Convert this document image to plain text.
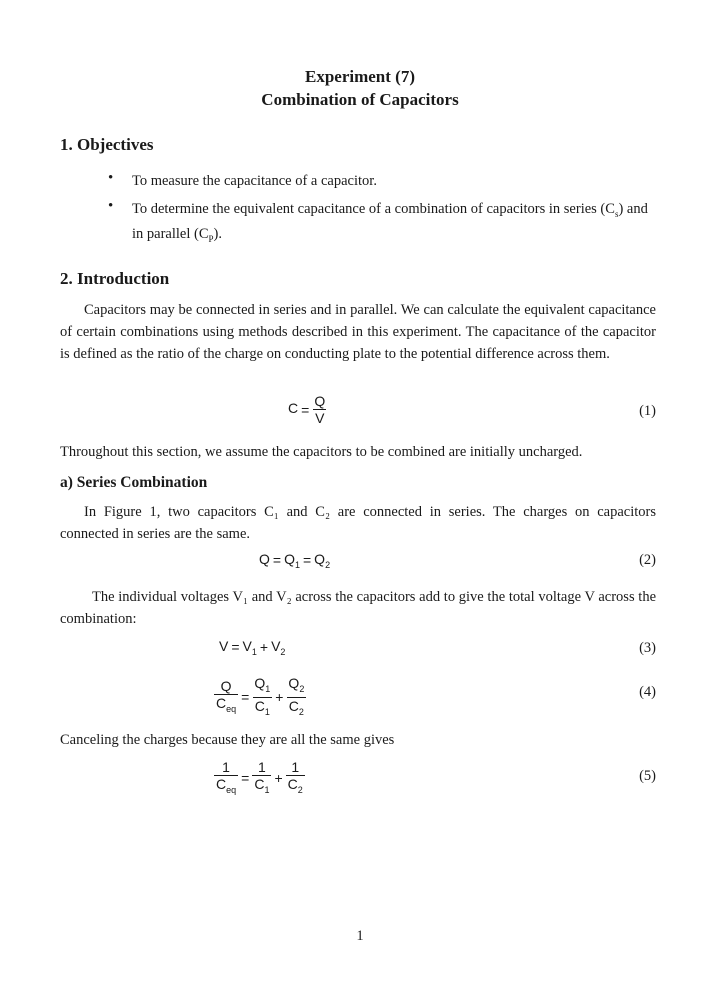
Experiment (7)
Combination of Capacitors
1. Objectives
• To measure the capacitance of a capacitor.
• To determine the equivalent capacitance of a combination of capacitors in series $(C_s)$ and in parallel $(C_P)$.
2. Introduction
Capacitors may be connected in series and in parallel. We can calculate the equivalent capacitance of certain combinations using methods described in this experiment. The capacitance of the capacitor is defined as the ratio of the charge on conducting plate to the potential difference across them.
$C = \frac{Q}{V}$	(1)
Throughout this section, we assume the capacitors to be combined are initially uncharged.
a) Series Combination
In Figure 1, two capacitors C₁ and C₂ are connected in series. The charges on capacitors connected in series are the same.
$Q = Q_1 = Q_2$	(2)
The individual voltages V₁ and V₂ across the capacitors add to give the total voltage V across the combination:
$V = V_1 + V_2$	(3)
$\frac{Q}{C_{eq}} = \frac{Q_1}{C_1} + \frac{Q_2}{C_2}$	(4)
Canceling the charges because they are all the same gives
$\frac{1}{C_{eq}} = \frac{1}{C_1} + \frac{1}{C_2}$	(5)
1
